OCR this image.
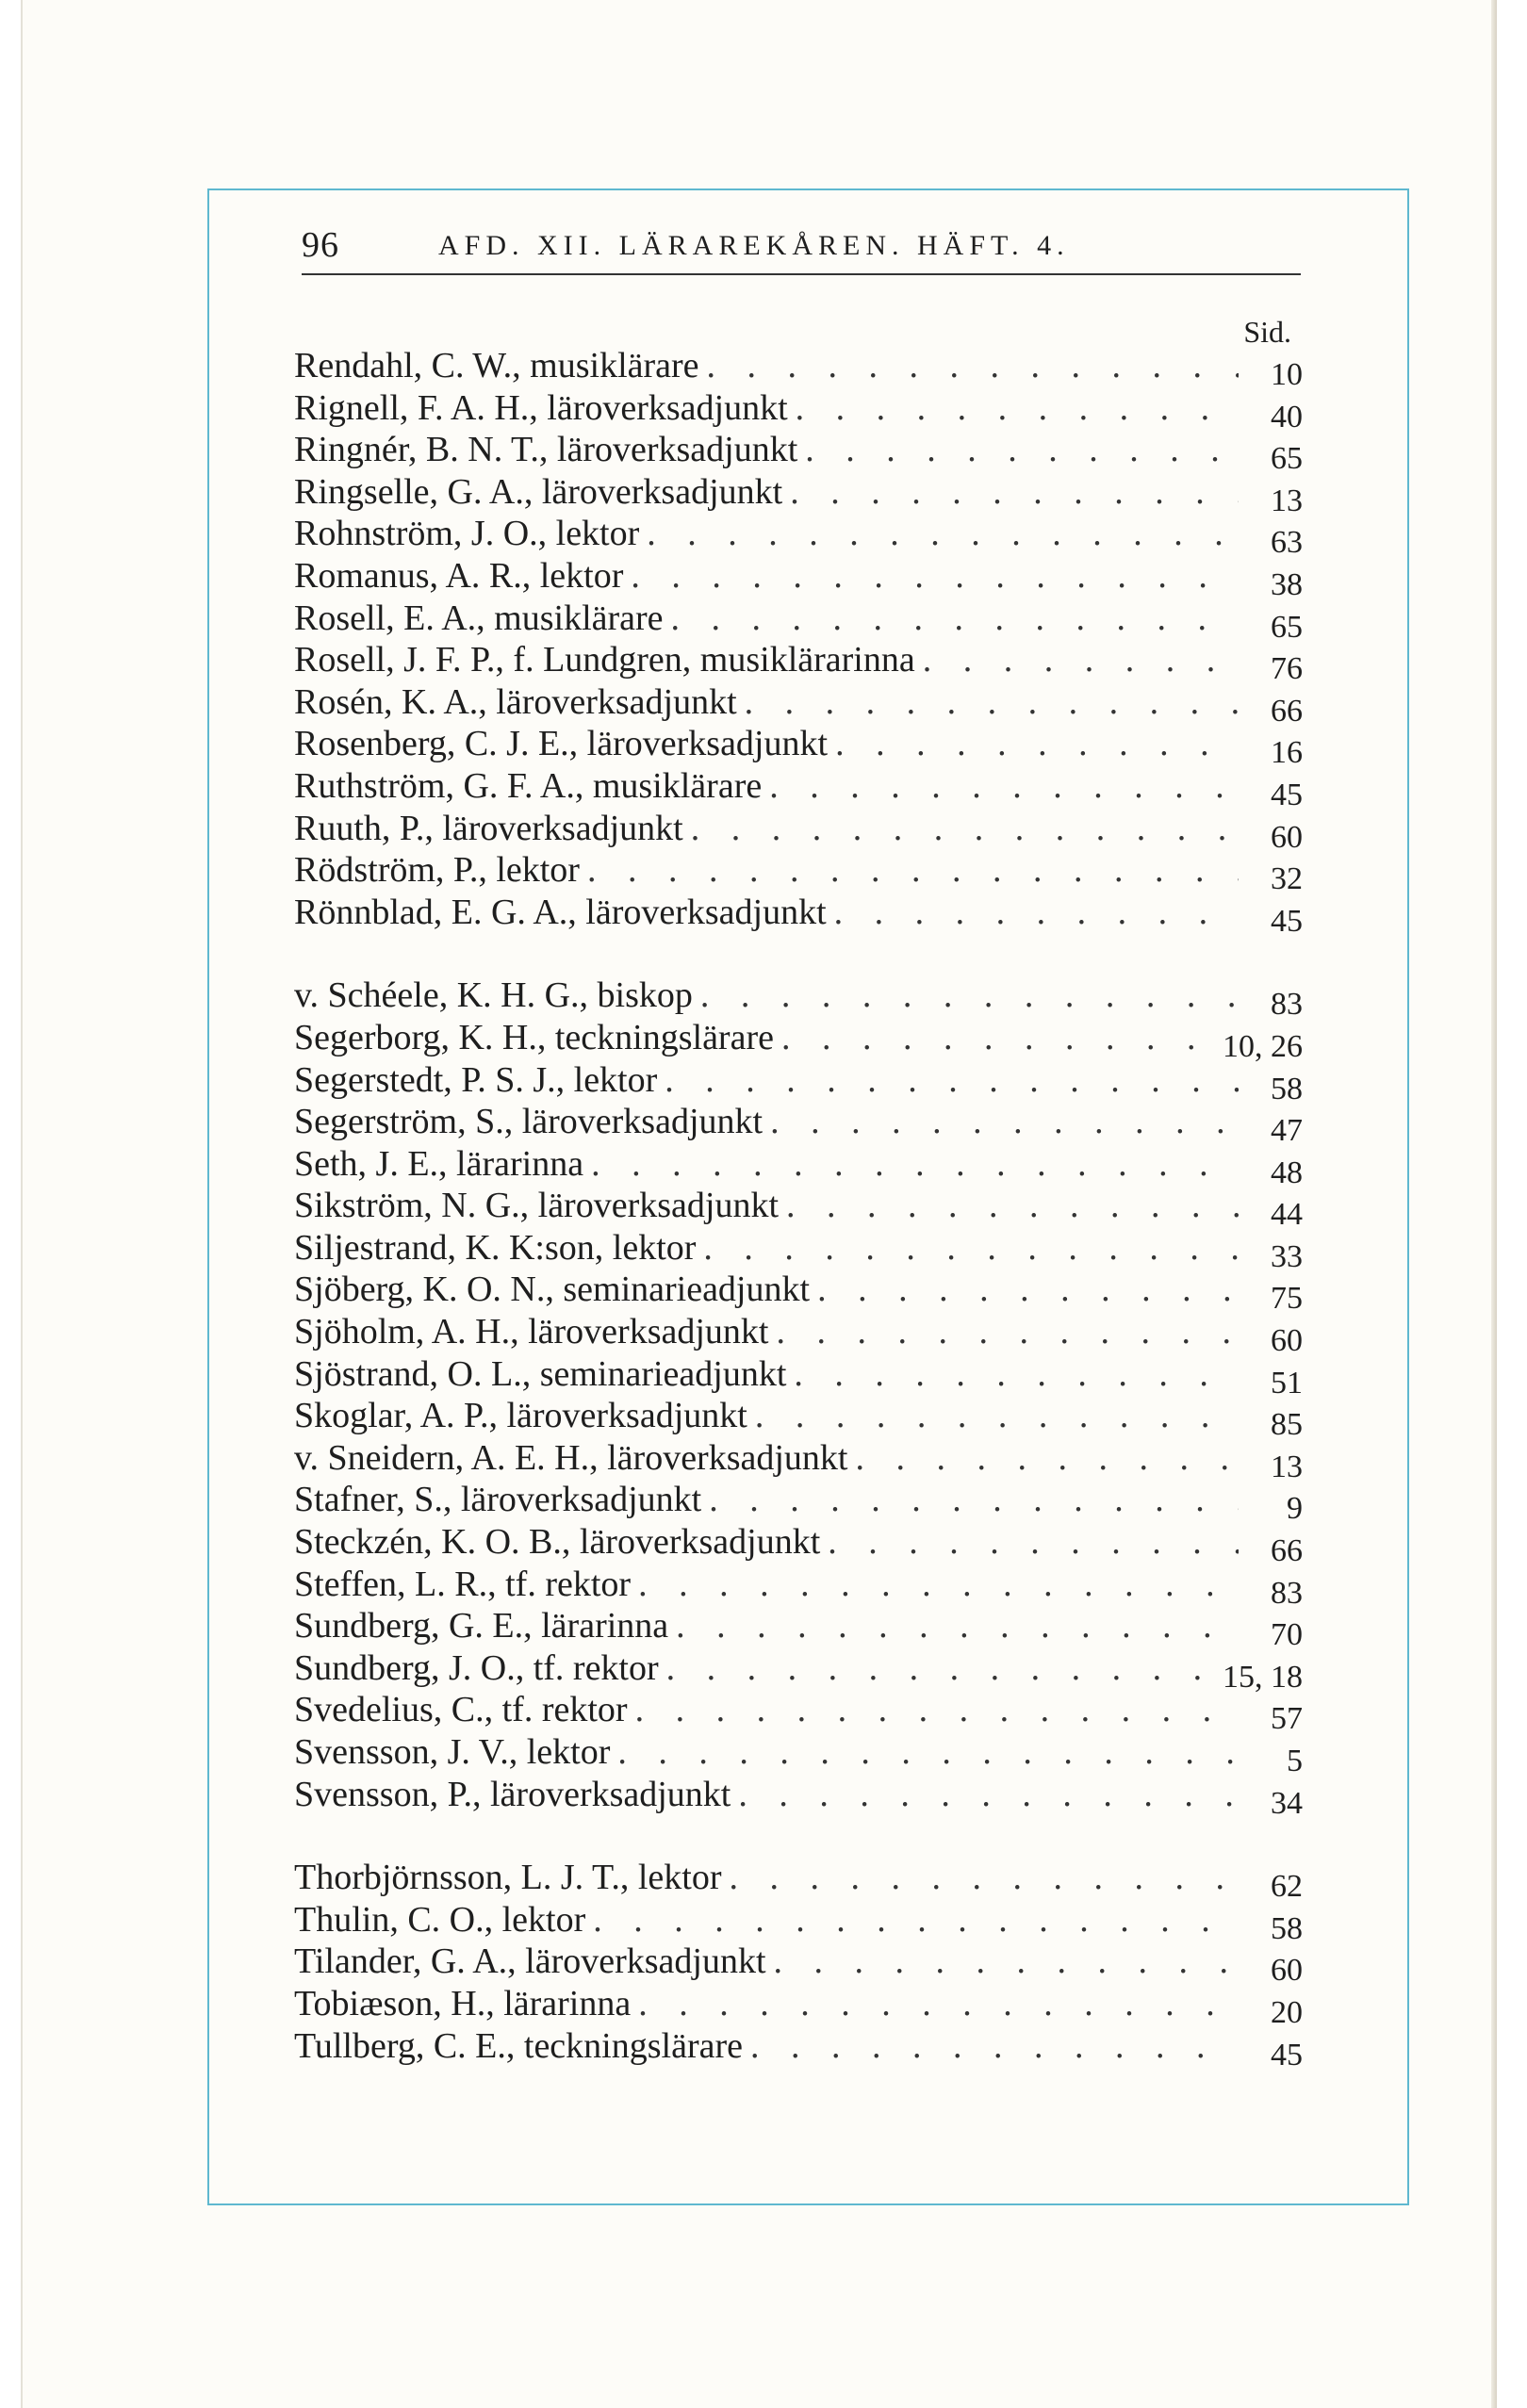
96	AFD. XII. LÄRAREKÅREN. HÄFT. 4.
Sid.
Rendahl, C. W., musiklärare . . .	10
Rignell, F. A. H., läroverksadjunkt . . .	40
Ringnér, B. N. T., läroverksadjunkt . . .	65
Ringselle, G. A., läroverksadjunkt . . .	13
Rohnström, J. O., lektor . . .	63
Romanus, A. R., lektor . . .	38
Rosell, E. A., musiklärare . . .	65
Rosell, J. F. P., f. Lundgren, musiklärarinna . . .	76
Rosén, K. A., läroverksadjunkt . . .	66
Rosenberg, C. J. E., läroverksadjunkt . . .	16
Ruthström, G. F. A., musiklärare . . .	45
Ruuth, P., läroverksadjunkt . . .	60
Rödström, P., lektor . . .	32
Rönnblad, E. G. A., läroverksadjunkt . . .	45
v. Schéele, K. H. G., biskop . . .	83
Segerborg, K. H., teckningslärare . . .	10, 26
Segerstedt, P. S. J., lektor . . .	58
Segerström, S., läroverksadjunkt . . .	47
Seth, J. E., lärarinna . . .	48
Sikström, N. G., läroverksadjunkt . . .	44
Siljestrand, K. K:son, lektor . . .	33
Sjöberg, K. O. N., seminarieadjunkt . . .	75
Sjöholm, A. H., läroverksadjunkt . . .	60
Sjöstrand, O. L., seminarieadjunkt . . .	51
Skoglar, A. P., läroverksadjunkt . . .	85
v. Sneidern, A. E. H., läroverksadjunkt . . .	13
Stafner, S., läroverksadjunkt . . .	9
Steckzén, K. O. B., läroverksadjunkt . . .	66
Steffen, L. R., tf. rektor . . .	83
Sundberg, G. E., lärarinna . . .	70
Sundberg, J. O., tf. rektor . . .	15, 18
Svedelius, C., tf. rektor . . .	57
Svensson, J. V., lektor . . .	5
Svensson, P., läroverksadjunkt . . .	34
Thorbjörnsson, L. J. T., lektor . . .	62
Thulin, C. O., lektor . . .	58
Tilander, G. A., läroverksadjunkt . . .	60
Tobiæson, H., lärarinna . . .	20
Tullberg, C. E., teckningslärare . . .	45
